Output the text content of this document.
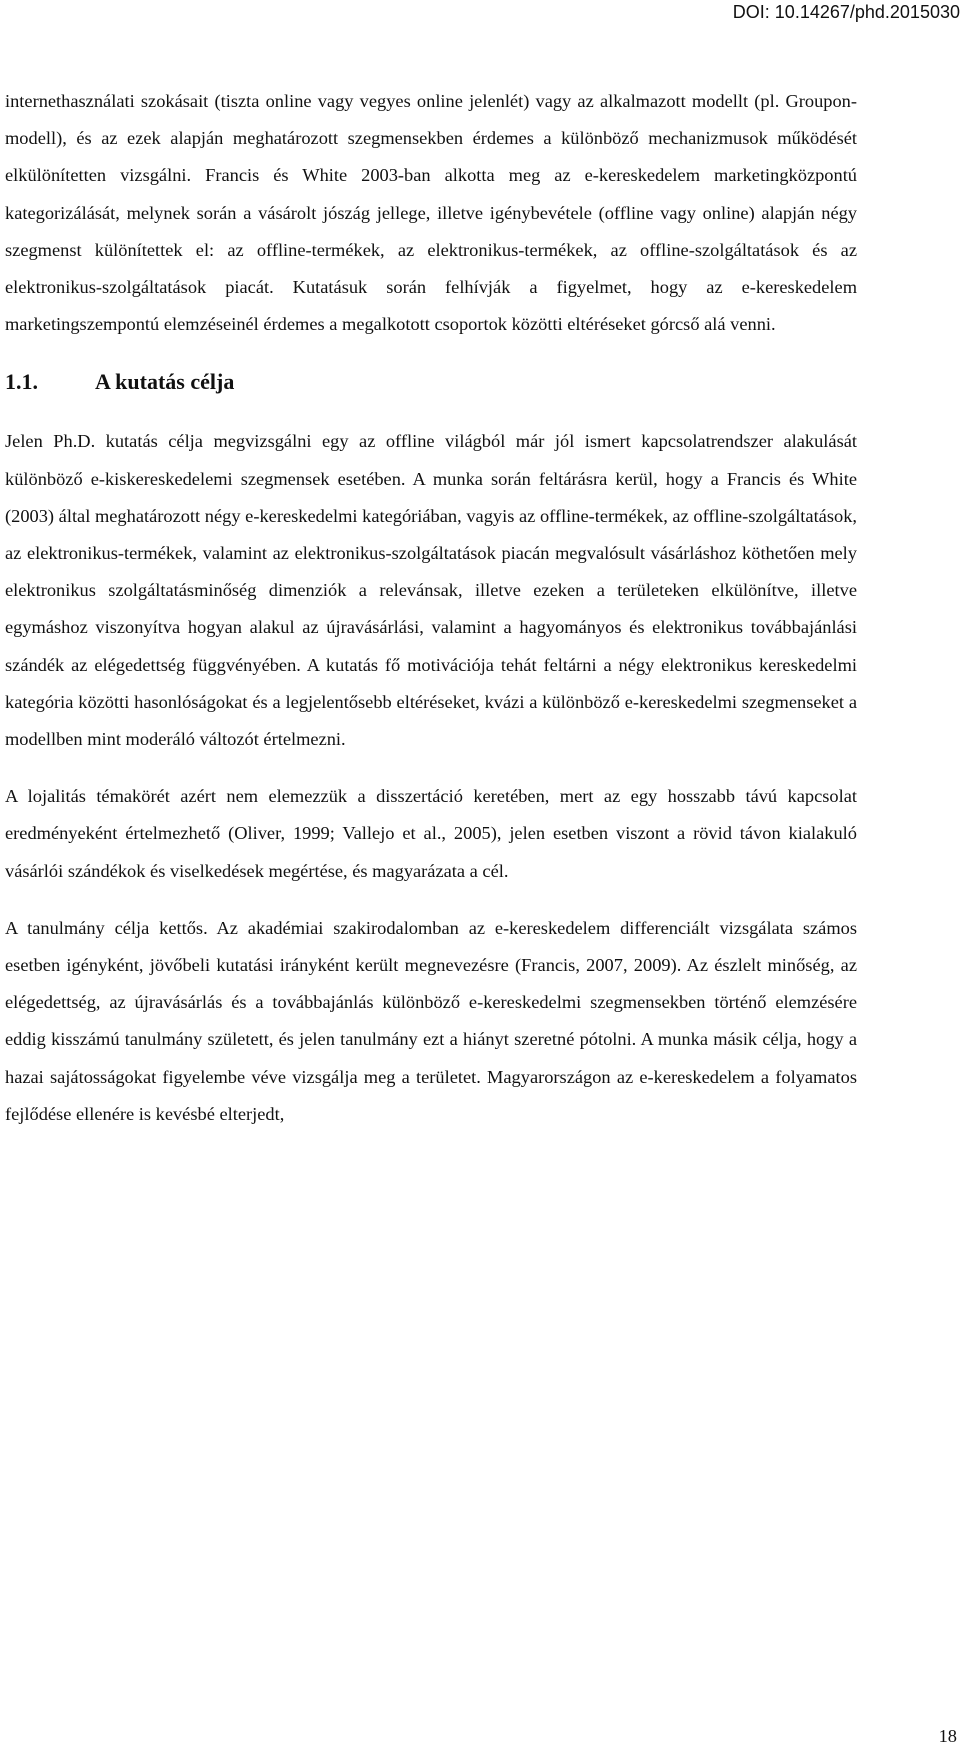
DOI: 10.14267/phd.2015030

internethasználati szokásait (tiszta online vagy vegyes online jelenlét) vagy az alkalmazott modellt (pl. Groupon-modell), és az ezek alapján meghatározott szegmensekben érdemes a különböző mechanizmusok működését elkülönítetten vizsgálni. Francis és White 2003-ban alkotta meg az e-kereskedelem marketingközpontú kategorizálását, melynek során a vásárolt jószág jellege, illetve igénybevétele (offline vagy online) alapján négy szegmenst különítettek el: az offline-termékek, az elektronikus-termékek, az offline-szolgáltatások és az elektronikus-szolgáltatások piacát. Kutatásuk során felhívják a figyelmet, hogy az e-kereskedelem marketingszempontú elemzéseinél érdemes a megalkotott csoportok közötti eltéréseket górcső alá venni.

1.1.	A kutatás célja

Jelen Ph.D. kutatás célja megvizsgálni egy az offline világból már jól ismert kapcsolatrendszer alakulását különböző e-kiskereskedelemi szegmensek esetében. A munka során feltárásra kerül, hogy a Francis és White (2003) által meghatározott négy e-kereskedelmi kategóriában, vagyis az offline-termékek, az offline-szolgáltatások, az elektronikus-termékek, valamint az elektronikus-szolgáltatások piacán megvalósult vásárláshoz köthetően mely elektronikus szolgáltatásminőség dimenziók a relevánsak, illetve ezeken a területeken elkülönítve, illetve egymáshoz viszonyítva hogyan alakul az újravásárlási, valamint a hagyományos és elektronikus továbbajánlási szándék az elégedettség függvényében. A kutatás fő motivációja tehát feltárni a négy elektronikus kereskedelmi kategória közötti hasonlóságokat és a legjelentősebb eltéréseket, kvázi a különböző e-kereskedelmi szegmenseket a modellben mint moderáló változót értelmezni.

A lojalitás témakörét azért nem elemezzük a disszertáció keretében, mert az egy hosszabb távú kapcsolat eredményeként értelmezhető (Oliver, 1999; Vallejo et al., 2005), jelen esetben viszont a rövid távon kialakuló vásárlói szándékok és viselkedések megértése, és magyarázata a cél.

A tanulmány célja kettős. Az akadémiai szakirodalomban az e-kereskedelem differenciált vizsgálata számos esetben igényként, jövőbeli kutatási irányként került megnevezésre (Francis, 2007, 2009). Az észlelt minőség, az elégedettség, az újravásárlás és a továbbajánlás különböző e-kereskedelmi szegmensekben történő elemzésére eddig kisszámú tanulmány született, és jelen tanulmány ezt a hiányt szeretné pótolni. A munka másik célja, hogy a hazai sajátosságokat figyelembe véve vizsgálja meg a területet. Magyarországon az e-kereskedelem a folyamatos fejlődése ellenére is kevésbé elterjedt,

18
